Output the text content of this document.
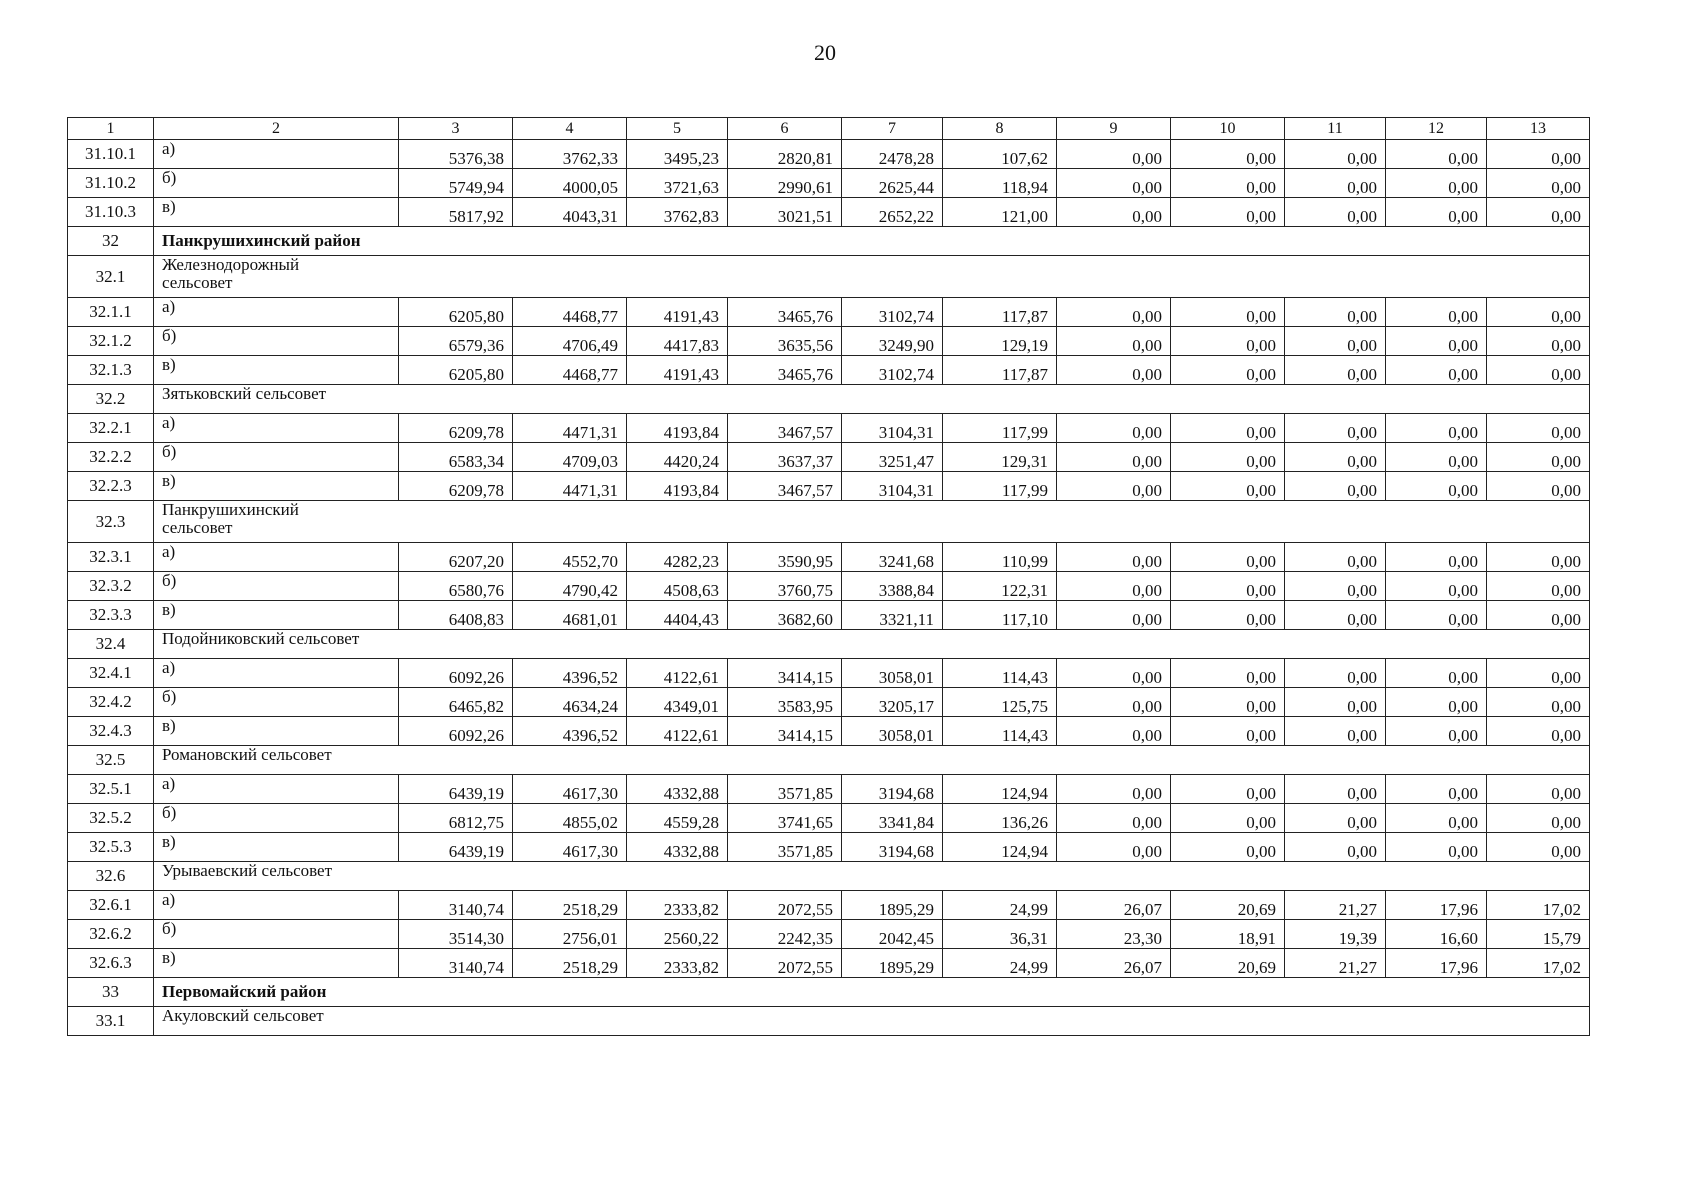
20
1	2	3	4	5	6	7	8	9	10	11	12	13
31.10.1	а)	5376,38	3762,33	3495,23	2820,81	2478,28	107,62	0,00	0,00	0,00	0,00	0,00
31.10.2	б)	5749,94	4000,05	3721,63	2990,61	2625,44	118,94	0,00	0,00	0,00	0,00	0,00
31.10.3	в)	5817,92	4043,31	3762,83	3021,51	2652,22	121,00	0,00	0,00	0,00	0,00	0,00
32	Панкрушихинский район											
32.1	Железнодорожный сельсовет											
32.1.1	а)	6205,80	4468,77	4191,43	3465,76	3102,74	117,87	0,00	0,00	0,00	0,00	0,00
32.1.2	б)	6579,36	4706,49	4417,83	3635,56	3249,90	129,19	0,00	0,00	0,00	0,00	0,00
32.1.3	в)	6205,80	4468,77	4191,43	3465,76	3102,74	117,87	0,00	0,00	0,00	0,00	0,00
32.2	Зятьковский сельсовет											
32.2.1	а)	6209,78	4471,31	4193,84	3467,57	3104,31	117,99	0,00	0,00	0,00	0,00	0,00
32.2.2	б)	6583,34	4709,03	4420,24	3637,37	3251,47	129,31	0,00	0,00	0,00	0,00	0,00
32.2.3	в)	6209,78	4471,31	4193,84	3467,57	3104,31	117,99	0,00	0,00	0,00	0,00	0,00
32.3	Панкрушихинский сельсовет											
32.3.1	а)	6207,20	4552,70	4282,23	3590,95	3241,68	110,99	0,00	0,00	0,00	0,00	0,00
32.3.2	б)	6580,76	4790,42	4508,63	3760,75	3388,84	122,31	0,00	0,00	0,00	0,00	0,00
32.3.3	в)	6408,83	4681,01	4404,43	3682,60	3321,11	117,10	0,00	0,00	0,00	0,00	0,00
32.4	Подойниковский сельсовет											
32.4.1	а)	6092,26	4396,52	4122,61	3414,15	3058,01	114,43	0,00	0,00	0,00	0,00	0,00
32.4.2	б)	6465,82	4634,24	4349,01	3583,95	3205,17	125,75	0,00	0,00	0,00	0,00	0,00
32.4.3	в)	6092,26	4396,52	4122,61	3414,15	3058,01	114,43	0,00	0,00	0,00	0,00	0,00
32.5	Романовский сельсовет											
32.5.1	а)	6439,19	4617,30	4332,88	3571,85	3194,68	124,94	0,00	0,00	0,00	0,00	0,00
32.5.2	б)	6812,75	4855,02	4559,28	3741,65	3341,84	136,26	0,00	0,00	0,00	0,00	0,00
32.5.3	в)	6439,19	4617,30	4332,88	3571,85	3194,68	124,94	0,00	0,00	0,00	0,00	0,00
32.6	Урываевский сельсовет											
32.6.1	а)	3140,74	2518,29	2333,82	2072,55	1895,29	24,99	26,07	20,69	21,27	17,96	17,02
32.6.2	б)	3514,30	2756,01	2560,22	2242,35	2042,45	36,31	23,30	18,91	19,39	16,60	15,79
32.6.3	в)	3140,74	2518,29	2333,82	2072,55	1895,29	24,99	26,07	20,69	21,27	17,96	17,02
33	Первомайский район											
33.1	Акуловский сельсовет											
